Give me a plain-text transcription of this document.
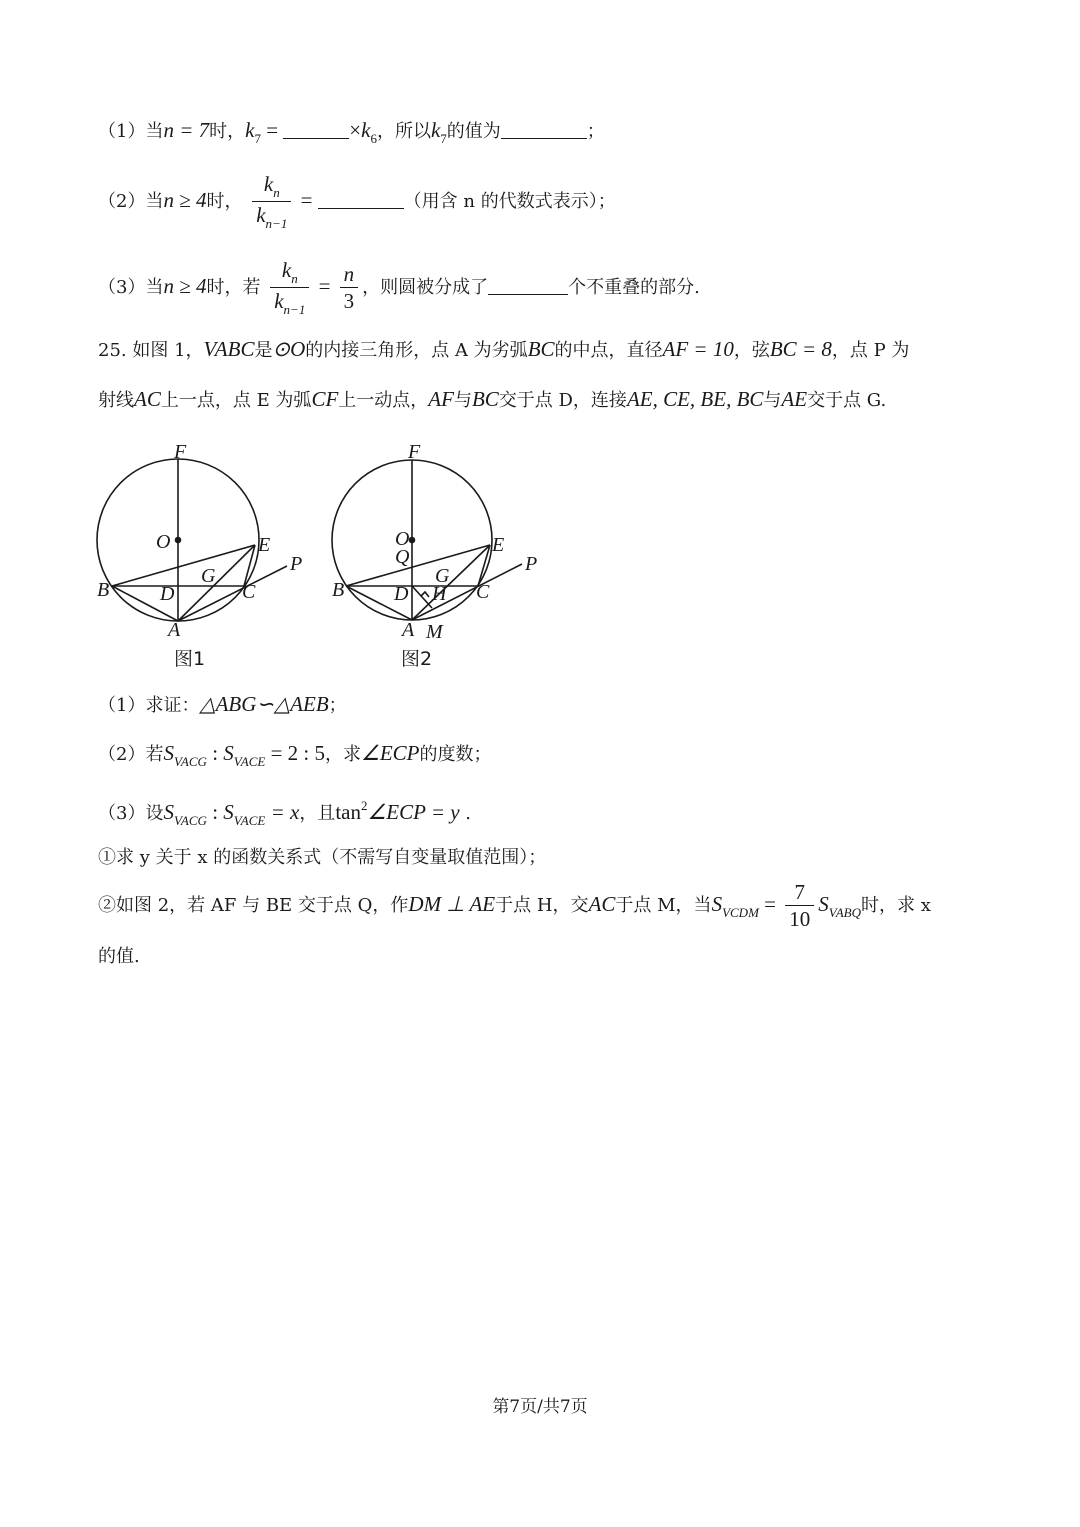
（1）当n = 7时，$k_7$ =	$\times k_6$，所以$k_7$的值为	；
（2）当n ≥ 4时， $\frac{k_n}{k_{n-1}}$ =	（用含 n 的代数式表示）；
（3）当n ≥ 4时，若 $\frac{k_n}{k_{n-1}} = \frac{n}{3}$ ，则圆被分成了	个不重叠的部分.
25. 如图 1，VABC是⊙O的内接三角形，点 A 为劣弧BC的中点，直径AF = 10，弦BC = 8，点 P 为
射线AC上一点，点 E 为弧CF上一动点，AF与BC交于点 D，连接AE, CE, BE, BC与AE交于点 G.
F
O	E
P
G
B	D	C
A
F
O
Q
E
P
G
B D H C
A M
图1	图2
（1）求证：△ABG∽△AEB；
（2）若$S_{VACG}$ : $S_{VACE} = 2$ : 5，求∠ECP的度数；
（3）设$S_{VACG}$ : $S_{VACE} = x$，且$\tan^2\angle ECP = y$ .
①求 y 关于 x 的函数关系式（不需写自变量取值范围）；
②如图 2，若 AF 与 BE 交于点 Q，作DM ⊥ AE于点 H，交AC于点 M，当$S_{VCDM} = \frac{7}{10} S_{VABQ}$时，求 x
的值.
第7页/共7页
